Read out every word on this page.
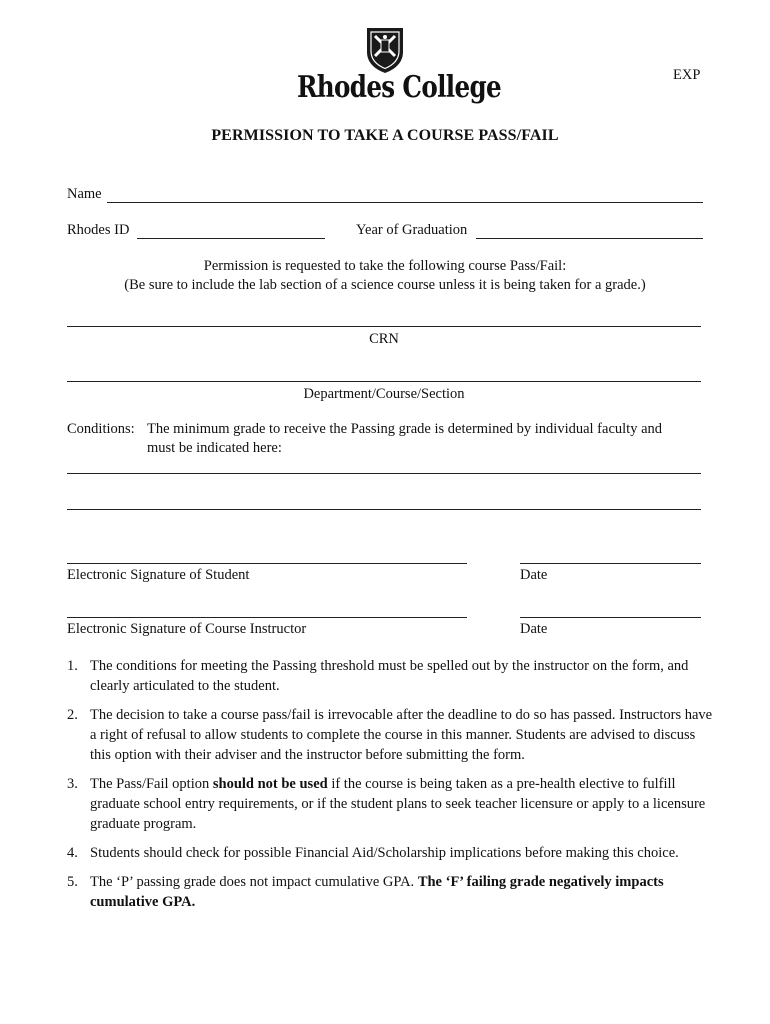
Rhodes College	EXP
PERMISSION TO TAKE A COURSE PASS/FAIL
Name
Rhodes ID	Year of Graduation
Permission is requested to take the following course Pass/Fail:
(Be sure to include the lab section of a science course unless it is being taken for a grade.)
CRN
Department/Course/Section
Conditions: The minimum grade to receive the Passing grade is determined by individual faculty and
must be indicated here:
Electronic Signature of Student	Date
Electronic Signature of Course Instructor	Date
1. The conditions for meeting the Passing threshold must be spelled out by the instructor on the form, and clearly articulated to the student.
2. The decision to take a course pass/fail is irrevocable after the deadline to do so has passed. Instructors have a right of refusal to allow students to complete the course in this manner. Students are advised to discuss this option with their adviser and the instructor before submitting the form.
3. The Pass/Fail option should not be used if the course is being taken as a pre-health elective to fulfill graduate school entry requirements, or if the student plans to seek teacher licensure or apply to a licensure graduate program.
4. Students should check for possible Financial Aid/Scholarship implications before making this choice.
5. The ‘P’ passing grade does not impact cumulative GPA. The ‘F’ failing grade negatively impacts cumulative GPA.
